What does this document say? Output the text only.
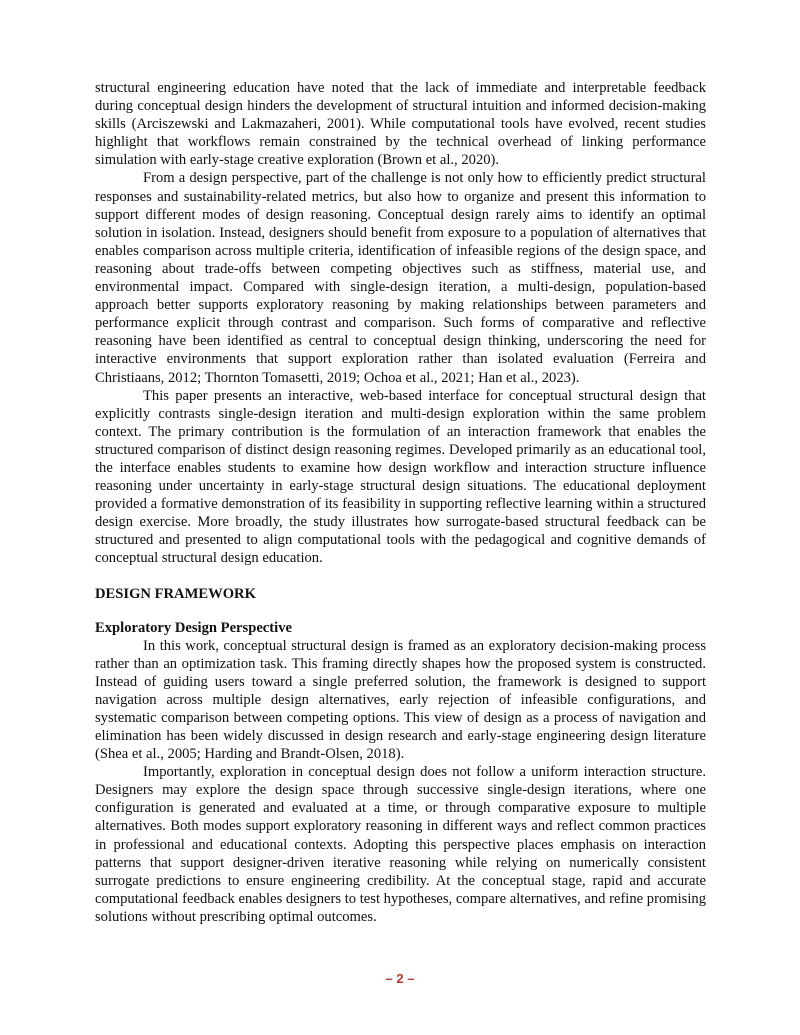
structural engineering education have noted that the lack of immediate and interpretable feedback during conceptual design hinders the development of structural intuition and informed decision-making skills (Arciszewski and Lakmazaheri, 2001). While computational tools have evolved, recent studies highlight that workflows remain constrained by the technical overhead of linking performance simulation with early-stage creative exploration (Brown et al., 2020).

From a design perspective, part of the challenge is not only how to efficiently predict structural responses and sustainability-related metrics, but also how to organize and present this information to support different modes of design reasoning. Conceptual design rarely aims to identify an optimal solution in isolation. Instead, designers should benefit from exposure to a population of alternatives that enables comparison across multiple criteria, identification of infeasible regions of the design space, and reasoning about trade-offs between competing objectives such as stiffness, material use, and environmental impact. Compared with single-design iteration, a multi-design, population-based approach better supports exploratory reasoning by making relationships between parameters and performance explicit through contrast and comparison. Such forms of comparative and reflective reasoning have been identified as central to conceptual design thinking, underscoring the need for interactive environments that support exploration rather than isolated evaluation (Ferreira and Christiaans, 2012; Thornton Tomasetti, 2019; Ochoa et al., 2021; Han et al., 2023).

This paper presents an interactive, web-based interface for conceptual structural design that explicitly contrasts single-design iteration and multi-design exploration within the same problem context. The primary contribution is the formulation of an interaction framework that enables the structured comparison of distinct design reasoning regimes. Developed primarily as an educational tool, the interface enables students to examine how design workflow and interaction structure influence reasoning under uncertainty in early-stage structural design situations. The educational deployment provided a formative demonstration of its feasibility in supporting reflective learning within a structured design exercise. More broadly, the study illustrates how surrogate-based structural feedback can be structured and presented to align computational tools with the pedagogical and cognitive demands of conceptual structural design education.

DESIGN FRAMEWORK
Exploratory Design Perspective

In this work, conceptual structural design is framed as an exploratory decision-making process rather than an optimization task. This framing directly shapes how the proposed system is constructed. Instead of guiding users toward a single preferred solution, the framework is designed to support navigation across multiple design alternatives, early rejection of infeasible configurations, and systematic comparison between competing options. This view of design as a process of navigation and elimination has been widely discussed in design research and early-stage engineering design literature (Shea et al., 2005; Harding and Brandt-Olsen, 2018).

Importantly, exploration in conceptual design does not follow a uniform interaction structure. Designers may explore the design space through successive single-design iterations, where one configuration is generated and evaluated at a time, or through comparative exposure to multiple alternatives. Both modes support exploratory reasoning in different ways and reflect common practices in professional and educational contexts. Adopting this perspective places emphasis on interaction patterns that support designer-driven iterative reasoning while relying on numerically consistent surrogate predictions to ensure engineering credibility. At the conceptual stage, rapid and accurate computational feedback enables designers to test hypotheses, compare alternatives, and refine promising solutions without prescribing optimal outcomes.

– 2 –
